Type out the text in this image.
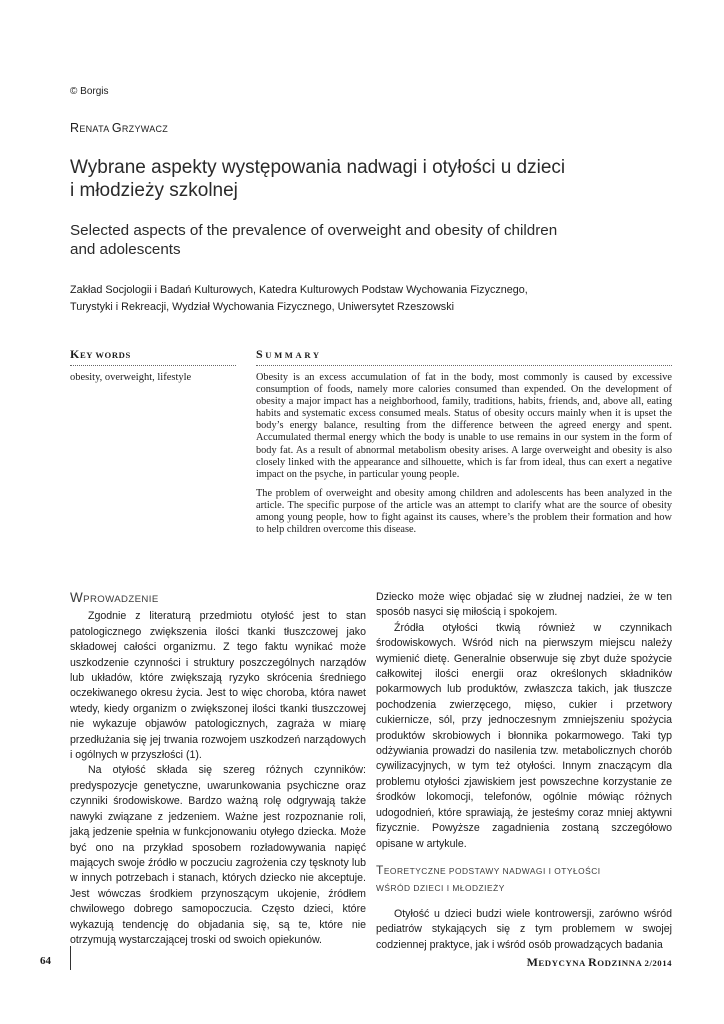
© Borgis
RENATA GRZYWACZ
Wybrane aspekty występowania nadwagi i otyłości u dzieci
i młodzieży szkolnej
Selected aspects of the prevalence of overweight and obesity of children
and adolescents
Zakład Socjologii i Badań Kulturowych, Katedra Kulturowych Podstaw Wychowania Fizycznego,
Turystyki i Rekreacji, Wydział Wychowania Fizycznego, Uniwersytet Rzeszowski
KEY WORDS
obesity, overweight, lifestyle
SUMMARY

Obesity is an excess accumulation of fat in the body, most commonly is caused by excessive consumption of foods, namely more calories consumed than expended. On the development of obesity a major impact has a neighborhood, family, traditions, habits, friends, and, above all, eating habits and systematic excess consumed meals. Status of obesity occurs mainly when it is upset the body’s energy balance, resulting from the difference between the agreed energy and spent. Accumulated thermal energy which the body is unable to use remains in our system in the form of body fat. As a result of abnormal metabolism obesity arises. A large overweight and obesity is also closely linked with the appearance and silhouette, which is far from ideal, thus can exert a negative impact on the psyche, in particular young people.

The problem of overweight and obesity among children and adolescents has been analyzed in the article. The specific purpose of the article was an attempt to clarify what are the source of obesity among young people, how to fight against its causes, where’s the problem their formation and how to help children overcome this disease.

WPROWADZENIE

Zgodnie z literaturą przedmiotu otyłość jest to stan patologicznego zwiększenia ilości tkanki tłuszczowej jako składowej całości organizmu. Z tego faktu wynikać może uszkodzenie czynności i struktury poszczególnych narządów lub układów, które zwiększają ryzyko skrócenia średniego oczekiwanego okresu życia. Jest to więc choroba, która nawet wtedy, kiedy organizm o zwiększonej ilości tkanki tłuszczowej nie wykazuje objawów patologicznych, zagraża w miarę przedłużania się jej trwania rozwojem uszkodzeń narządowych i ogólnych w przyszłości (1).

Na otyłość składa się szereg różnych czynników: predyspozycje genetyczne, uwarunkowania psychiczne oraz czynniki środowiskowe. Bardzo ważną rolę odgrywają także nawyki związane z jedzeniem. Ważne jest rozpoznanie roli, jaką jedzenie spełnia w funkcjonowaniu otyłego dziecka. Może być ono na przykład sposobem rozładowywania napięć mających swoje źródło w poczuciu zagrożenia czy tęsknoty lub w innych potrzebach i stanach, których dziecko nie akceptuje. Jest wówczas środkiem przynoszącym ukojenie, źródłem chwilowego dobrego samopoczucia. Często dzieci, które wykazują tendencję do objadania się, są te, które nie otrzymują wystarczającej troski od swoich opiekunów.

Dziecko może więc objadać się w złudnej nadziei, że w ten sposób nasyci się miłością i spokojem.

Źródła otyłości tkwią również w czynnikach środowiskowych. Wśród nich na pierwszym miejscu należy wymienić dietę. Generalnie obserwuje się zbyt duże spożycie całkowitej ilości energii oraz określonych składników pokarmowych lub produktów, zwłaszcza takich, jak tłuszcze pochodzenia zwierzęcego, mięso, cukier i przetwory cukiernicze, sól, przy jednoczesnym zmniejszeniu spożycia produktów skrobiowych i błonnika pokarmowego. Taki typ odżywiania prowadzi do nasilenia tzw. metabolicznych chorób cywilizacyjnych, w tym też otyłości. Innym znaczącym dla problemu otyłości zjawiskiem jest powszechne korzystanie ze środków lokomocji, telefonów, ogólnie mówiąc różnych udogodnień, które sprawiają, że jesteśmy coraz mniej aktywni fizycznie. Powyższe zagadnienia zostaną szczegółowo opisane w artykule.

TEORETYCZNE PODSTAWY NADWAGI I OTYŁOŚCI
WŚRÓD DZIECI I MŁODZIEŻY

Otyłość u dzieci budzi wiele kontrowersji, zarówno wśród pediatrów stykających się z tym problemem w swojej codziennej praktyce, jak i wśród osób prowadzących badania

64	MEDYCYNA RODZINNA 2/2014
